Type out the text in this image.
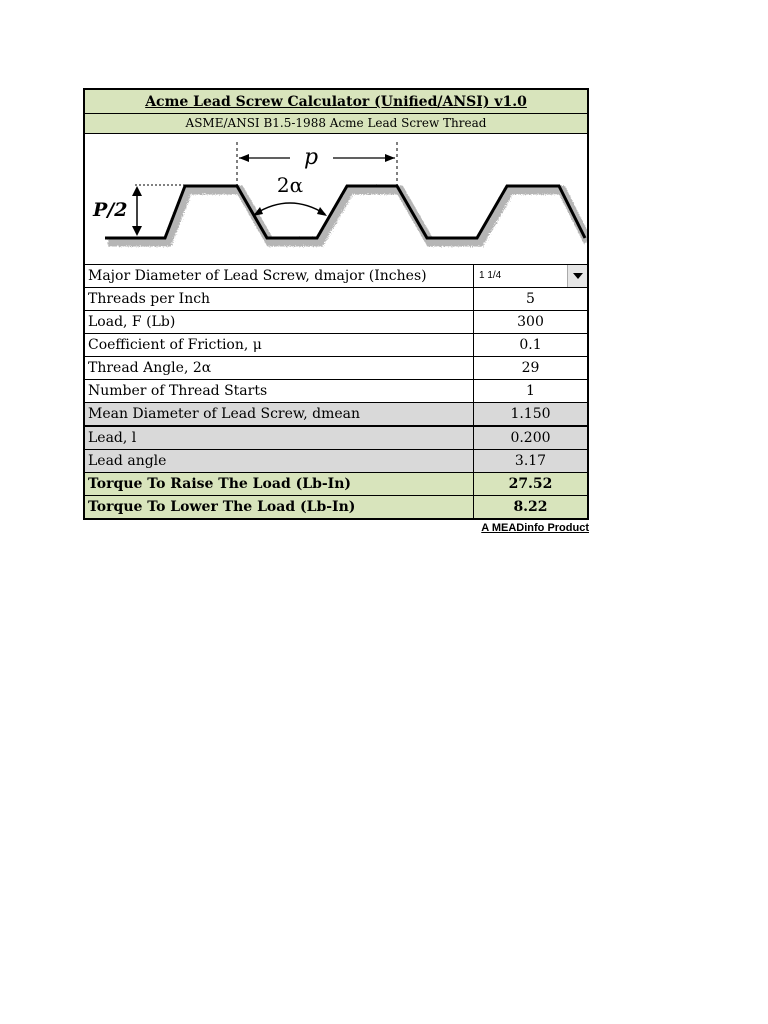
Acme Lead Screw Calculator (Unified/ANSI) v1.0
ASME/ANSI B1.5-1988 Acme Lead Screw Thread
p
P/2
2α
Major Diameter of Lead Screw, dmajor (Inches)	1 1/4
Threads per Inch	5
Load, F (Lb)	300
Coefficient of Friction, μ	0.1
Thread Angle, 2α	29
Number of Thread Starts	1
Mean Diameter of Lead Screw, dmean	1.150
Lead, l	0.200
Lead angle	3.17
Torque To Raise The Load (Lb-In)	27.52
Torque To Lower The Load (Lb-In)	8.22
A MEADinfo Product
